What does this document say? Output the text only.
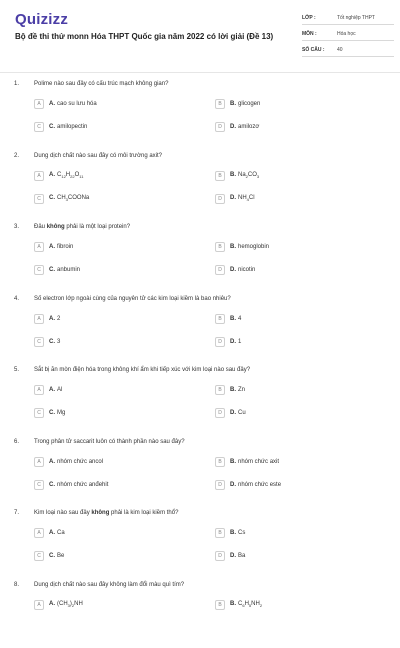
Quizizz
Bộ đề thi thử monn Hóa THPT Quốc gia năm 2022 có lời giải (Đề 13)
LỚP :	Tốt nghiệp THPT
MÔN :	Hóa học
SỐ CÂU :	40
1. Polime nào sau đây có cấu trúc mạch không gian?
A	A. cao su lưu hóa	B	B. glicogen
C	C. amilopectin	D	D. amilozơ
2. Dung dịch chất nào sau đây có môi trường axit?
A	A. $C_{12}H_{22}O_{11}$	B	B. $Na_2CO_3$
C	C. $CH_3COONa$	D	D. $NH_4Cl$
3. Đâu không phải là một loại protein?
A	A. fibroin	B	B. hemoglobin
C	C. anbumin	D	D. nicotin
4. Số electron lớp ngoài cùng của nguyên tử các kim loại kiềm là bao nhiêu?
A	A. 2	B	B. 4
C	C. 3	D	D. 1
5. Sắt bị ăn mòn điện hóa trong không khí ẩm khi tiếp xúc với kim loại nào sau đây?
A	A. Al	B	B. Zn
C	C. Mg	D	D. Cu
6. Trong phân tử saccarit luôn có thành phần nào sau đây?
A	A. nhóm chức ancol	B	B. nhóm chức axit
C	C. nhóm chức anđehit	D	D. nhóm chức este
7. Kim loại nào sau đây không phải là kim loại kiềm thổ?
A	A. Ca	B	B. Cs
C	C. Be	D	D. Ba
8. Dung dịch chất nào sau đây không làm đổi màu quì tím?
A	A. $(CH_3)_2NH$	B	B. $C_6H_5NH_2$
